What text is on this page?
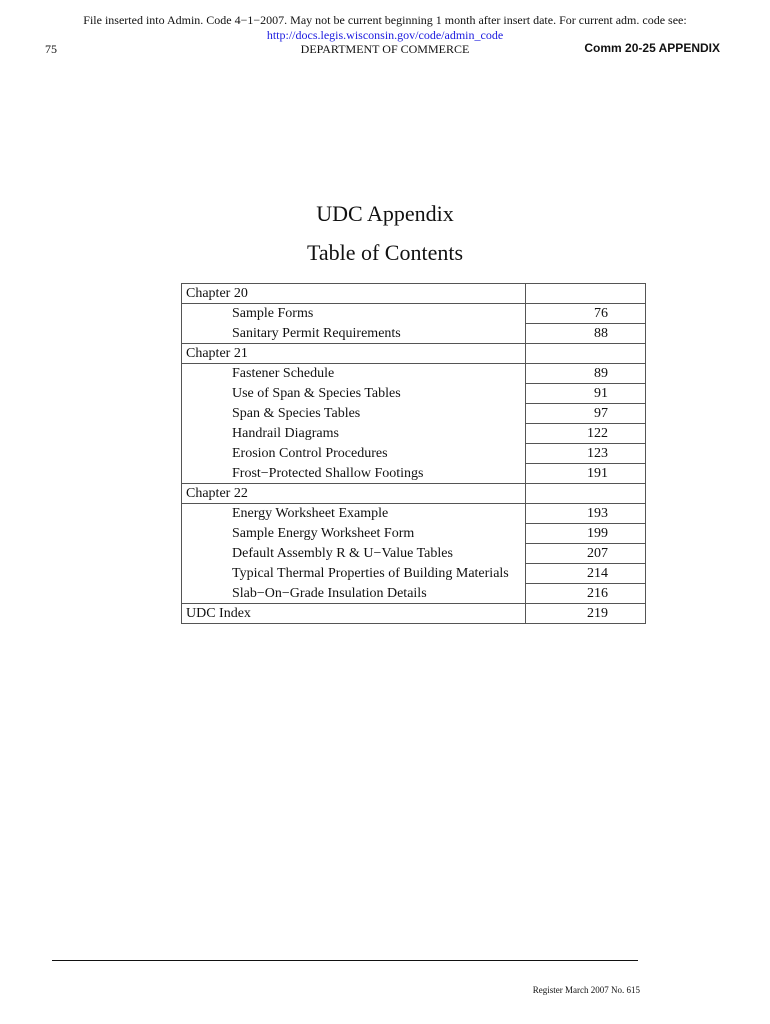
File inserted into Admin. Code 4−1−2007. May not be current beginning 1 month after insert date. For current adm. code see:
http://docs.legis.wisconsin.gov/code/admin_code
75	DEPARTMENT OF COMMERCE	Comm 20-25 APPENDIX
UDC Appendix
Table of Contents
Chapter 20	
Sample Forms	76
Sanitary Permit Requirements	88
Chapter 21	
Fastener Schedule	89
Use of Span & Species Tables	91
Span & Species Tables	97
Handrail Diagrams	122
Erosion Control Procedures	123
Frost−Protected Shallow Footings	191
Chapter 22	
Energy Worksheet Example	193
Sample Energy Worksheet Form	199
Default Assembly R & U−Value Tables	207
Typical Thermal Properties of Building Materials	214
Slab−On−Grade Insulation Details	216
UDC Index	219
Register March 2007 No. 615
